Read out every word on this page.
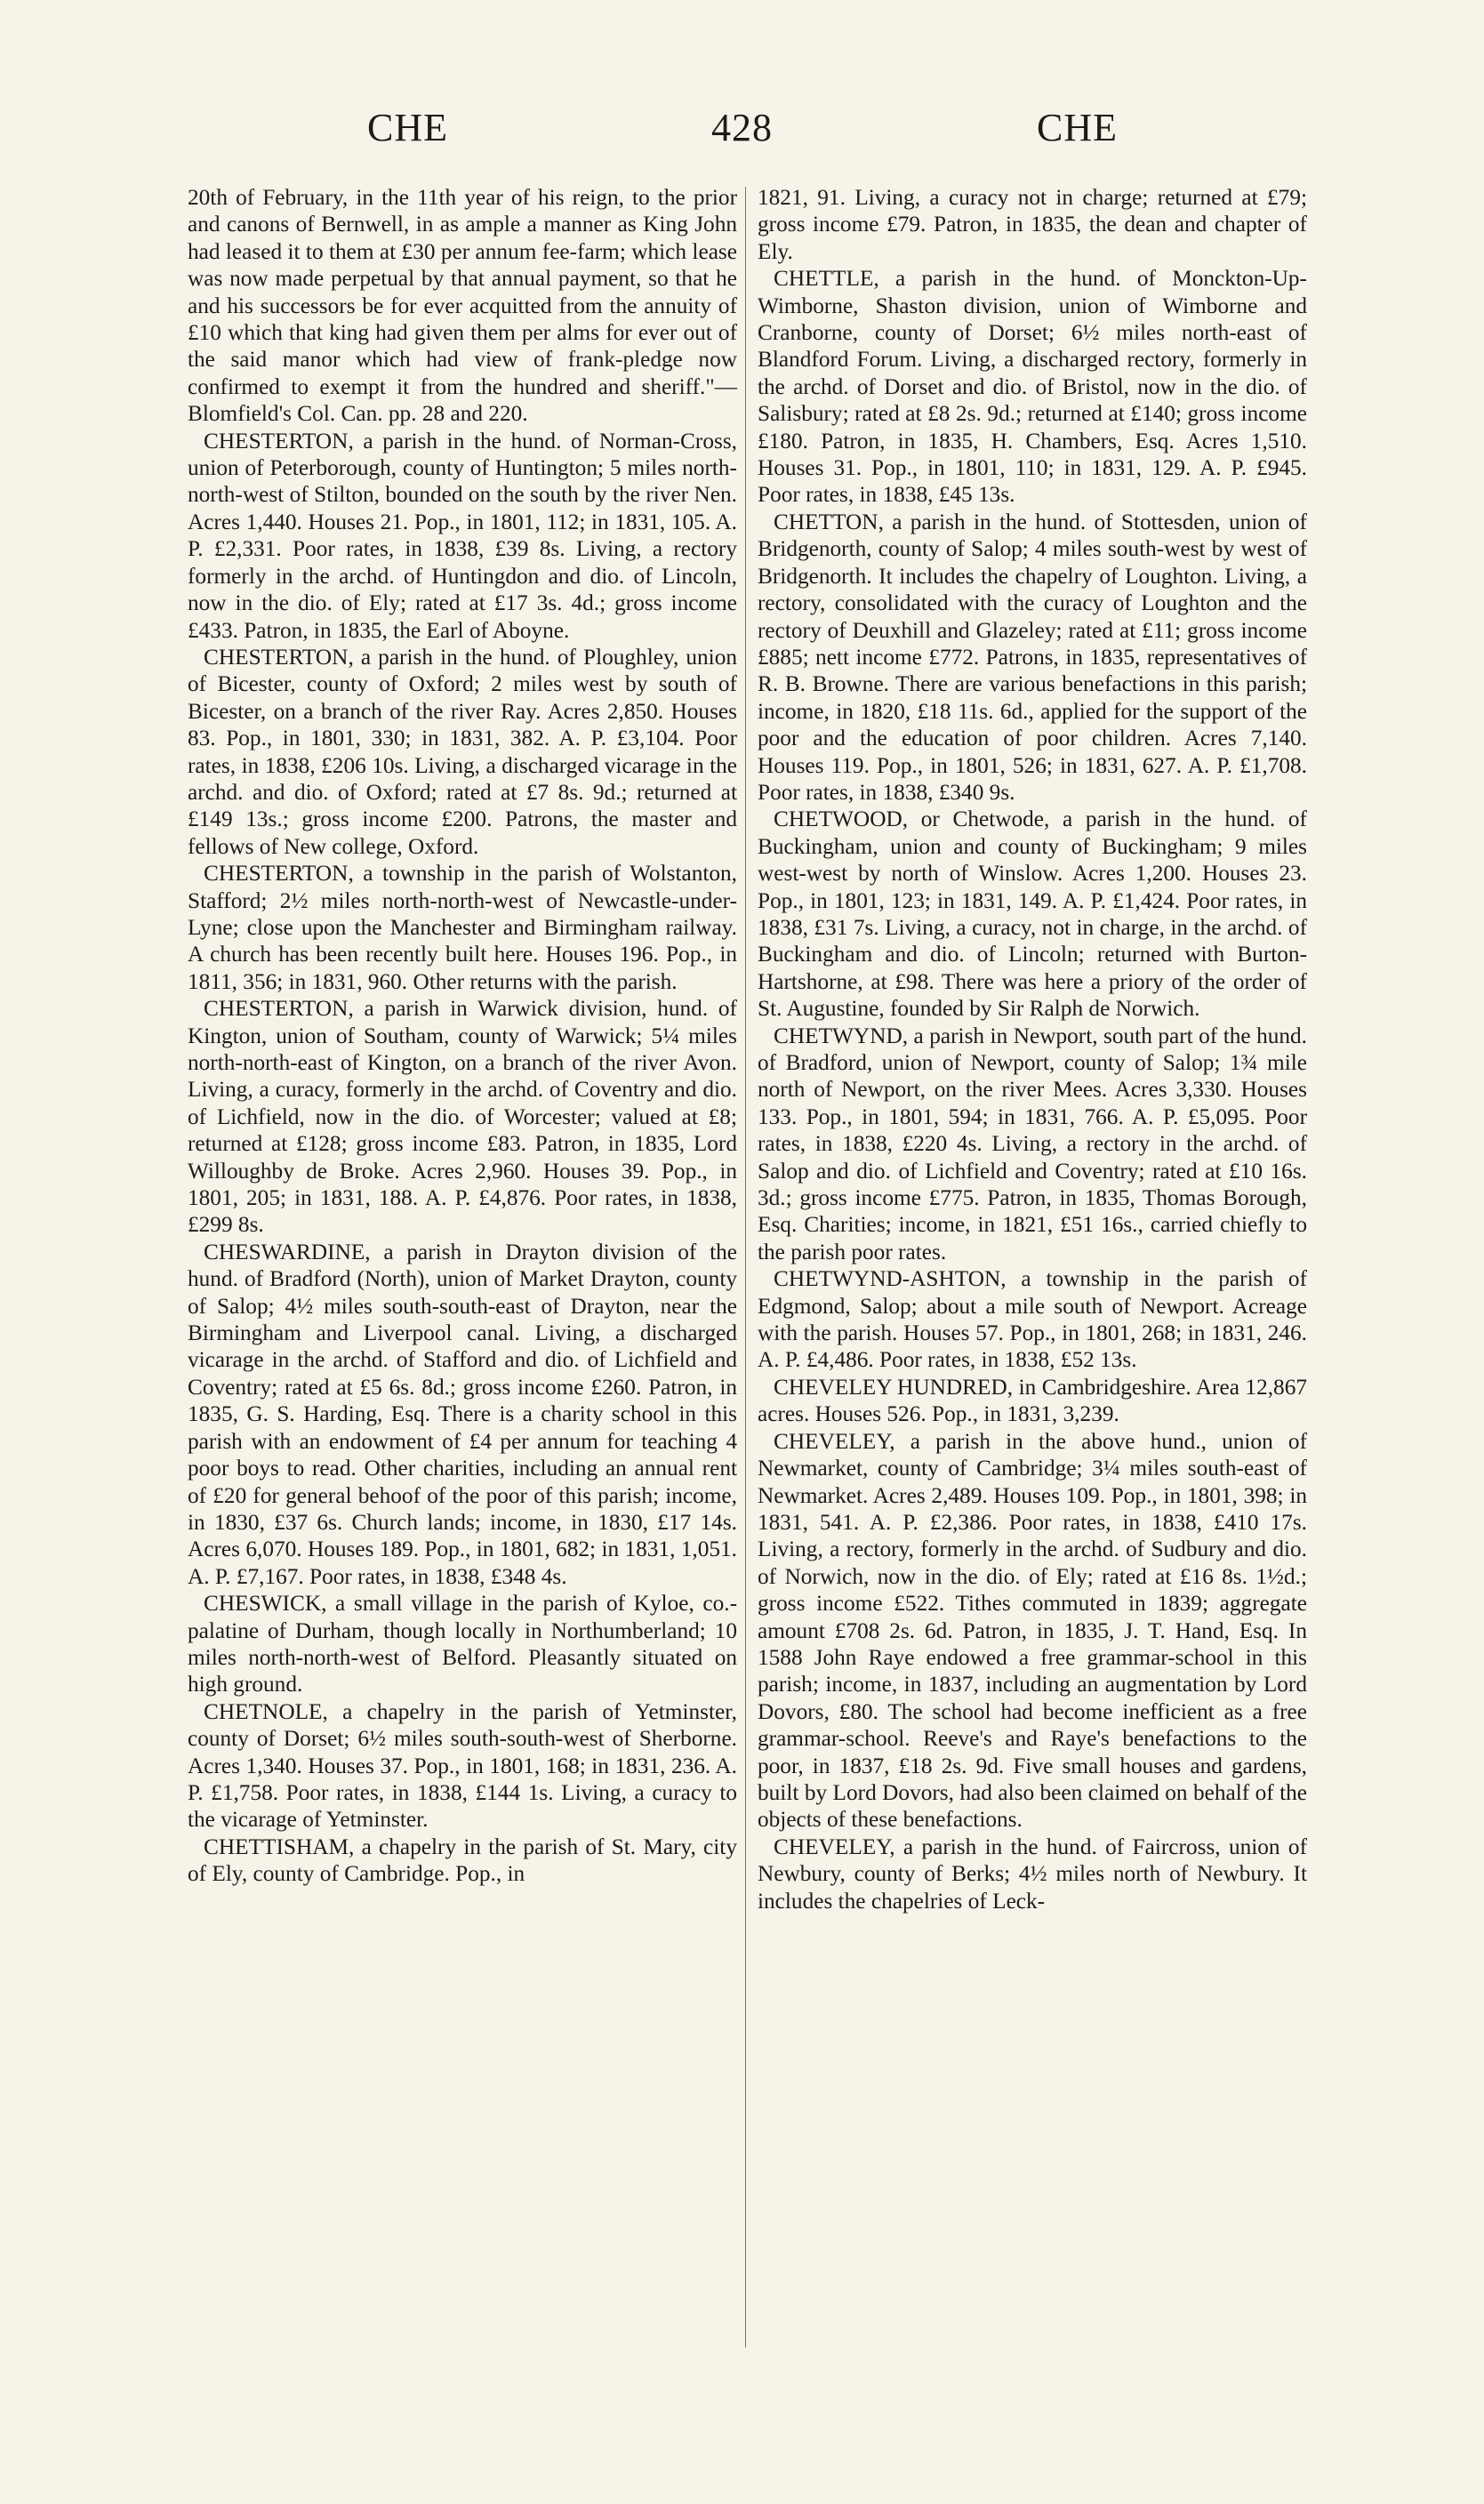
CHE	428	CHE

20th of February, in the 11th year of his reign, to the prior and canons of Bernwell, in as ample a manner as King John had leased it to them at £30 per annum fee-farm; which lease was now made perpetual by that annual payment, so that he and his successors be for ever acquitted from the annuity of £10 which that king had given them per alms for ever out of the said manor which had view of frank-pledge now confirmed to exempt it from the hundred and sheriff."—Blomfield's Col. Can. pp. 28 and 220.

CHESTERTON, a parish in the hund. of Norman-Cross, union of Peterborough, county of Huntington; 5 miles north-north-west of Stilton, bounded on the south by the river Nen. Acres 1,440. Houses 21. Pop., in 1801, 112; in 1831, 105. A. P. £2,331. Poor rates, in 1838, £39 8s. Living, a rectory formerly in the archd. of Huntingdon and dio. of Lincoln, now in the dio. of Ely; rated at £17 3s. 4d.; gross income £433. Patron, in 1835, the Earl of Aboyne.

CHESTERTON, a parish in the hund. of Ploughley, union of Bicester, county of Oxford; 2 miles west by south of Bicester, on a branch of the river Ray. Acres 2,850. Houses 83. Pop., in 1801, 330; in 1831, 382. A. P. £3,104. Poor rates, in 1838, £206 10s. Living, a discharged vicarage in the archd. and dio. of Oxford; rated at £7 8s. 9d.; returned at £149 13s.; gross income £200. Patrons, the master and fellows of New college, Oxford.

CHESTERTON, a township in the parish of Wolstanton, Stafford; 2½ miles north-north-west of Newcastle-under-Lyne; close upon the Manchester and Birmingham railway. A church has been recently built here. Houses 196. Pop., in 1811, 356; in 1831, 960. Other returns with the parish.

CHESTERTON, a parish in Warwick division, hund. of Kington, union of Southam, county of Warwick; 5¼ miles north-north-east of Kington, on a branch of the river Avon. Living, a curacy, formerly in the archd. of Coventry and dio. of Lichfield, now in the dio. of Worcester; valued at £8; returned at £128; gross income £83. Patron, in 1835, Lord Willoughby de Broke. Acres 2,960. Houses 39. Pop., in 1801, 205; in 1831, 188. A. P. £4,876. Poor rates, in 1838, £299 8s.

CHESWARDINE, a parish in Drayton division of the hund. of Bradford (North), union of Market Drayton, county of Salop; 4½ miles south-south-east of Drayton, near the Birmingham and Liverpool canal. Living, a discharged vicarage in the archd. of Stafford and dio. of Lichfield and Coventry; rated at £5 6s. 8d.; gross income £260. Patron, in 1835, G. S. Harding, Esq. There is a charity school in this parish with an endowment of £4 per annum for teaching 4 poor boys to read. Other charities, including an annual rent of £20 for general behoof of the poor of this parish; income, in 1830, £37 6s. Church lands; income, in 1830, £17 14s. Acres 6,070. Houses 189. Pop., in 1801, 682; in 1831, 1,051. A. P. £7,167. Poor rates, in 1838, £348 4s.

CHESWICK, a small village in the parish of Kyloe, co.-palatine of Durham, though locally in Northumberland; 10 miles north-north-west of Belford. Pleasantly situated on high ground.

CHETNOLE, a chapelry in the parish of Yetminster, county of Dorset; 6½ miles south-south-west of Sherborne. Acres 1,340. Houses 37. Pop., in 1801, 168; in 1831, 236. A. P. £1,758. Poor rates, in 1838, £144 1s. Living, a curacy to the vicarage of Yetminster.

CHETTISHAM, a chapelry in the parish of St. Mary, city of Ely, county of Cambridge. Pop., in

1821, 91. Living, a curacy not in charge; returned at £79; gross income £79. Patron, in 1835, the dean and chapter of Ely.

CHETTLE, a parish in the hund. of Monckton-Up-Wimborne, Shaston division, union of Wimborne and Cranborne, county of Dorset; 6½ miles north-east of Blandford Forum. Living, a discharged rectory, formerly in the archd. of Dorset and dio. of Bristol, now in the dio. of Salisbury; rated at £8 2s. 9d.; returned at £140; gross income £180. Patron, in 1835, H. Chambers, Esq. Acres 1,510. Houses 31. Pop., in 1801, 110; in 1831, 129. A. P. £945. Poor rates, in 1838, £45 13s.

CHETTON, a parish in the hund. of Stottesden, union of Bridgenorth, county of Salop; 4 miles south-west by west of Bridgenorth. It includes the chapelry of Loughton. Living, a rectory, consolidated with the curacy of Loughton and the rectory of Deuxhill and Glazeley; rated at £11; gross income £885; nett income £772. Patrons, in 1835, representatives of R. B. Browne. There are various benefactions in this parish; income, in 1820, £18 11s. 6d., applied for the support of the poor and the education of poor children. Acres 7,140. Houses 119. Pop., in 1801, 526; in 1831, 627. A. P. £1,708. Poor rates, in 1838, £340 9s.

CHETWOOD, or Chetwode, a parish in the hund. of Buckingham, union and county of Buckingham; 9 miles west-west by north of Winslow. Acres 1,200. Houses 23. Pop., in 1801, 123; in 1831, 149. A. P. £1,424. Poor rates, in 1838, £31 7s. Living, a curacy, not in charge, in the archd. of Buckingham and dio. of Lincoln; returned with Burton-Hartshorne, at £98. There was here a priory of the order of St. Augustine, founded by Sir Ralph de Norwich.

CHETWYND, a parish in Newport, south part of the hund. of Bradford, union of Newport, county of Salop; 1¾ mile north of Newport, on the river Mees. Acres 3,330. Houses 133. Pop., in 1801, 594; in 1831, 766. A. P. £5,095. Poor rates, in 1838, £220 4s. Living, a rectory in the archd. of Salop and dio. of Lichfield and Coventry; rated at £10 16s. 3d.; gross income £775. Patron, in 1835, Thomas Borough, Esq. Charities; income, in 1821, £51 16s., carried chiefly to the parish poor rates.

CHETWYND-ASHTON, a township in the parish of Edgmond, Salop; about a mile south of Newport. Acreage with the parish. Houses 57. Pop., in 1801, 268; in 1831, 246. A. P. £4,486. Poor rates, in 1838, £52 13s.

CHEVELEY HUNDRED, in Cambridgeshire. Area 12,867 acres. Houses 526. Pop., in 1831, 3,239.

CHEVELEY, a parish in the above hund., union of Newmarket, county of Cambridge; 3¼ miles south-east of Newmarket. Acres 2,489. Houses 109. Pop., in 1801, 398; in 1831, 541. A. P. £2,386. Poor rates, in 1838, £410 17s. Living, a rectory, formerly in the archd. of Sudbury and dio. of Norwich, now in the dio. of Ely; rated at £16 8s. 1½d.; gross income £522. Tithes commuted in 1839; aggregate amount £708 2s. 6d. Patron, in 1835, J. T. Hand, Esq. In 1588 John Raye endowed a free grammar-school in this parish; income, in 1837, including an augmentation by Lord Dovors, £80. The school had become inefficient as a free grammar-school. Reeve's and Raye's benefactions to the poor, in 1837, £18 2s. 9d. Five small houses and gardens, built by Lord Dovors, had also been claimed on behalf of the objects of these benefactions.

CHEVELEY, a parish in the hund. of Faircross, union of Newbury, county of Berks; 4½ miles north of Newbury. It includes the chapelries of Leck-
